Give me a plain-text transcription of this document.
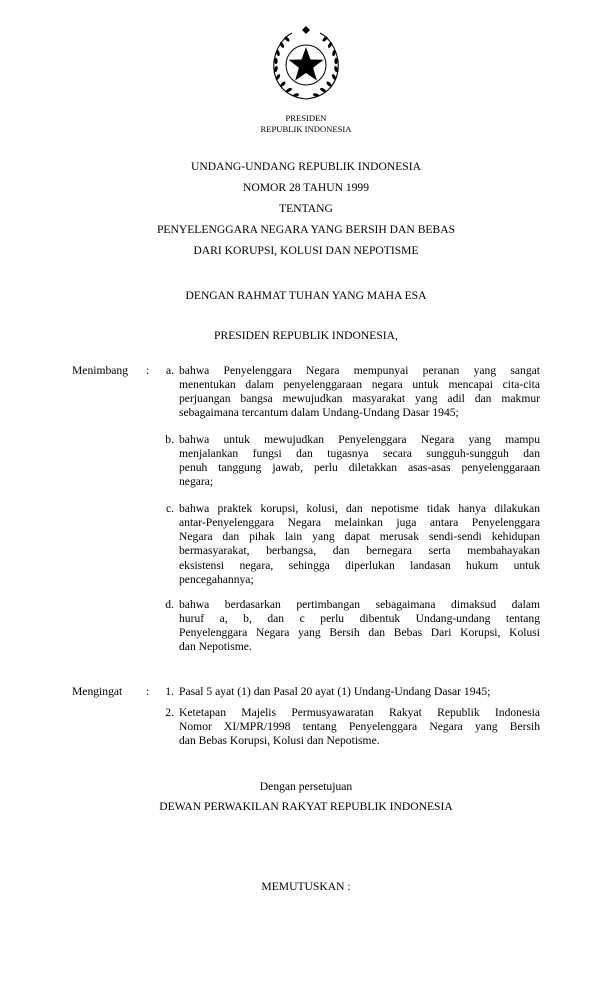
PRESIDEN
REPUBLIK INDONESIA
UNDANG-UNDANG REPUBLIK INDONESIA
NOMOR 28 TAHUN 1999
TENTANG
PENYELENGGARA NEGARA YANG BERSIH DAN BEBAS
DARI KORUPSI, KOLUSI DAN NEPOTISME
DENGAN RAHMAT TUHAN YANG MAHA ESA
PRESIDEN REPUBLIK INDONESIA,
Menimbang	:	a. bahwa Penyelenggara Negara mempunyai peranan yang sangat
menentukan dalam penyelenggaraan negara untuk mencapai cita-cita
perjuangan bangsa mewujudkan masyarakat yang adil dan makmur
sebagaimana tercantum dalam Undang-Undang Dasar 1945;
b. bahwa untuk mewujudkan Penyelenggara Negara yang mampu
menjalankan fungsi dan tugasnya secara sungguh-sungguh dan
penuh tanggung jawab, perlu diletakkan asas-asas penyelenggaraan
negara;
c. bahwa praktek korupsi, kolusi, dan nepotisme tidak hanya dilakukan
antar-Penyelenggara Negara melainkan juga antara Penyelenggara
Negara dan pihak lain yang dapat merusak sendi-sendi kehidupan
bermasyarakat, berbangsa, dan bernegara serta membahayakan
eksistensi negara, sehingga diperlukan landasan hukum untuk
pencegahannya;
d. bahwa berdasarkan pertimbangan sebagaimana dimaksud dalam
huruf a, b, dan c perlu dibentuk Undang-undang tentang
Penyelenggara Negara yang Bersih dan Bebas Dari Korupsi, Kolusi
dan Nepotisme.
Mengingat	:	1. Pasal 5 ayat (1) dan Pasal 20 ayat (1) Undang-Undang Dasar 1945;
2. Ketetapan Majelis Permusyawaratan Rakyat Republik Indonesia
Nomor XI/MPR/1998 tentang Penyelenggara Negara yang Bersih
dan Bebas Korupsi, Kolusi dan Nepotisme.
Dengan persetujuan
DEWAN PERWAKILAN RAKYAT REPUBLIK INDONESIA
MEMUTUSKAN :
